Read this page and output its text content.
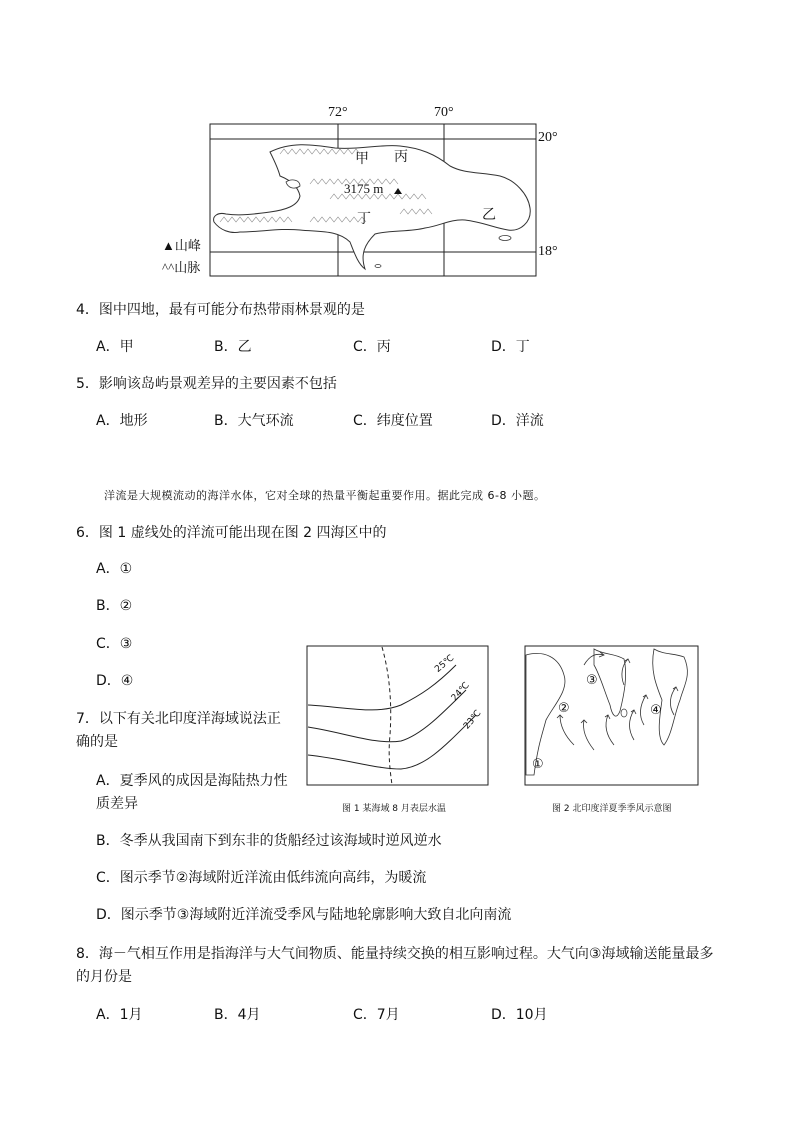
72°	70°
20°
18°
甲 丙
乙
丁
3175 m
▲山峰
^^山脉
4．图中四地，最有可能分布热带雨林景观的是
A．甲	B．乙	C．丙	D．丁
5．影响该岛屿景观差异的主要因素不包括
A．地形	B．大气环流	C．纬度位置	D．洋流
洋流是大规模流动的海洋水体，它对全球的热量平衡起重要作用。据此完成 6-8 小题。
6．图 1 虚线处的洋流可能出现在图 2 四海区中的
A．①
B．②
C．③
D．④
7．以下有关北印度洋海域说法正
确的是
A．夏季风的成因是海陆热力性
质差异
B．冬季从我国南下到东非的货船经过该海域时逆风逆水
C．图示季节②海域附近洋流由低纬流向高纬，为暖流
D．图示季节③海域附近洋流受季风与陆地轮廓影响大致自北向南流
25℃
24℃
23℃
图 1 某海域 8 月表层水温
①
②
③
④
图 2 北印度洋夏季季风示意图
8．海－气相互作用是指海洋与大气间物质、能量持续交换的相互影响过程。大气向③海域输送能量最多
的月份是
A．1月	B．4月	C．7月	D．10月
